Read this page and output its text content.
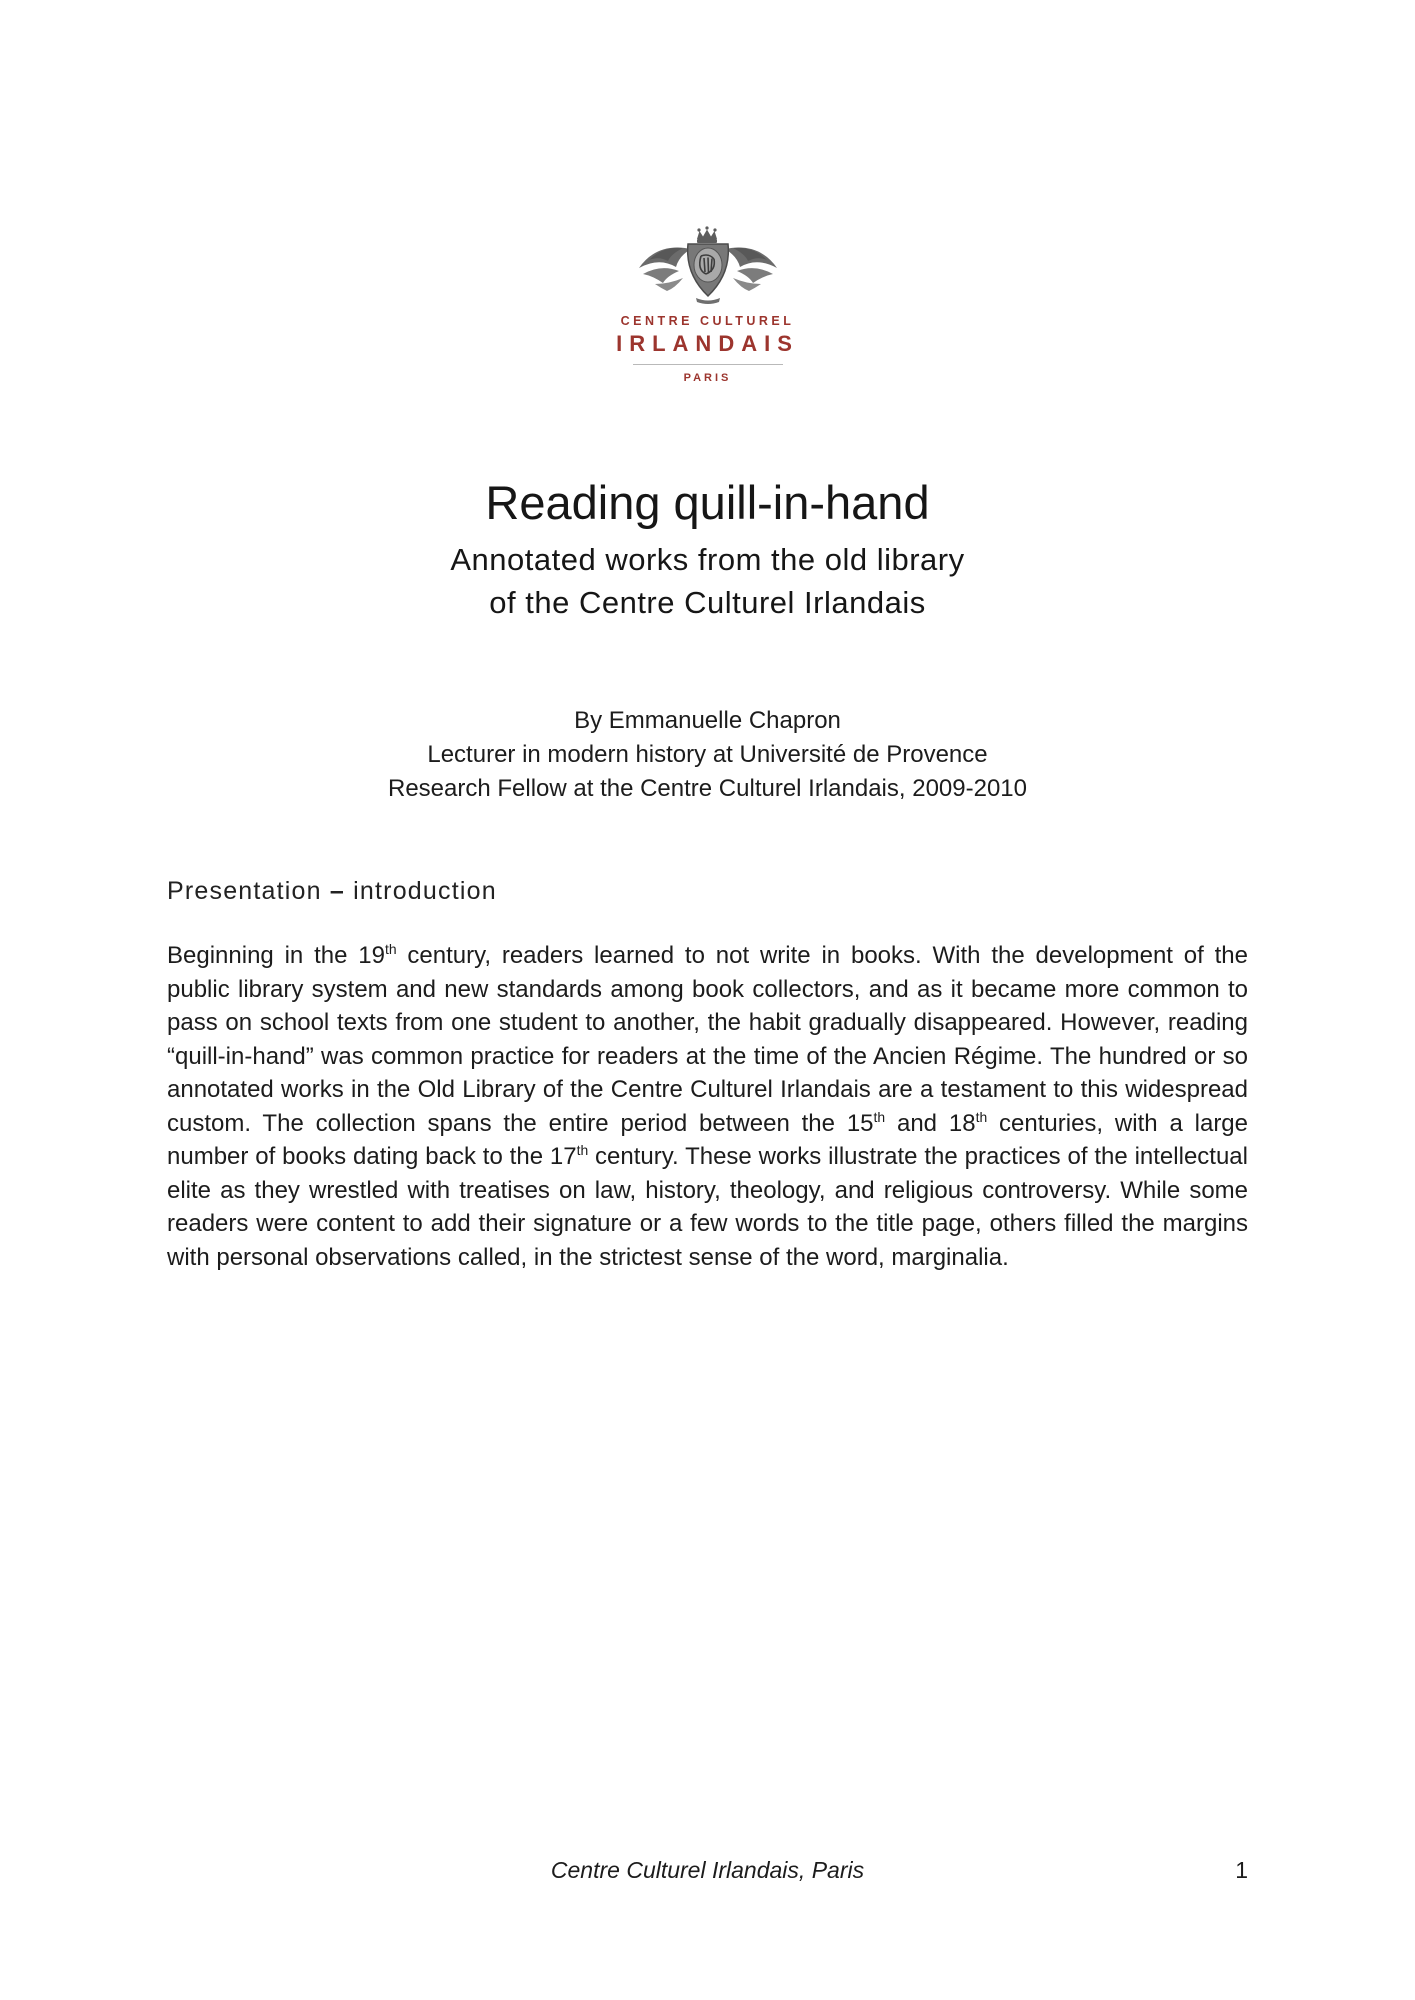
CENTRE CULTUREL
IRLANDAIS
PARIS
Reading quill-in-hand
Annotated works from the old library
of the Centre Culturel Irlandais
By Emmanuelle Chapron
Lecturer in modern history at Université de Provence
Research Fellow at the Centre Culturel Irlandais, 2009-2010
Presentation – introduction

Beginning in the 19th century, readers learned to not write in books. With the development of the public library system and new standards among book collectors, and as it became more common to pass on school texts from one student to another, the habit gradually disappeared. However, reading “quill-in-hand” was common practice for readers at the time of the Ancien Régime. The hundred or so annotated works in the Old Library of the Centre Culturel Irlandais are a testament to this widespread custom. The collection spans the entire period between the 15th and 18th centuries, with a large number of books dating back to the 17th century. These works illustrate the practices of the intellectual elite as they wrestled with treatises on law, history, theology, and religious controversy. While some readers were content to add their signature or a few words to the title page, others filled the margins with personal observations called, in the strictest sense of the word, marginalia.

Centre Culturel Irlandais, Paris	1
